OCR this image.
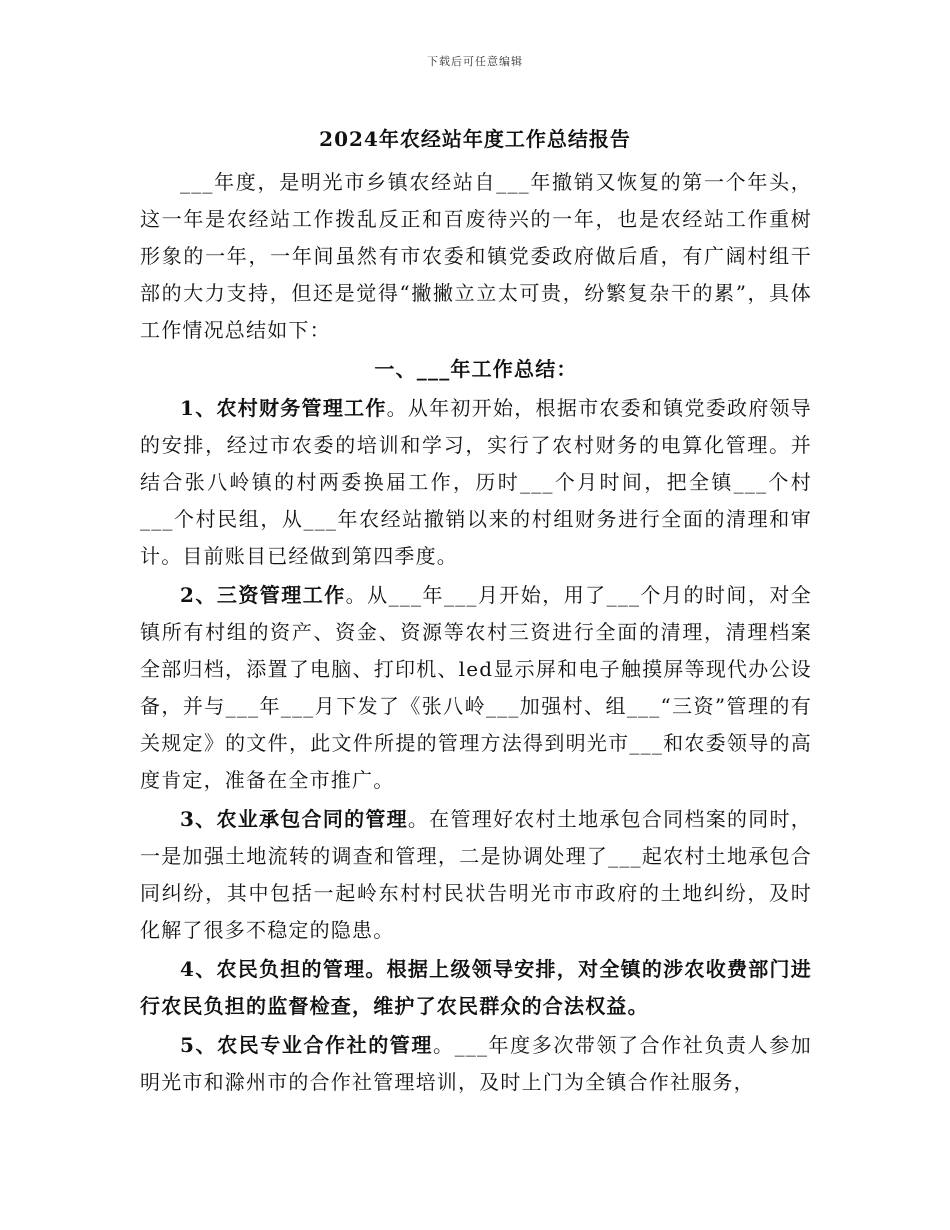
下载后可任意编辑
2024年农经站年度工作总结报告

___年度，是明光市乡镇农经站自___年撤销又恢复的第一个年头，这一年是农经站工作拨乱反正和百废待兴的一年，也是农经站工作重树形象的一年，一年间虽然有市农委和镇党委政府做后盾，有广阔村组干部的大力支持，但还是觉得“撇撇立立太可贵，纷繁复杂干的累”，具体工作情况总结如下：

一、___年工作总结：

1、农村财务管理工作。从年初开始，根据市农委和镇党委政府领导的安排，经过市农委的培训和学习，实行了农村财务的电算化管理。并结合张八岭镇的村两委换届工作，历时___个月时间，把全镇___个村___个村民组，从___年农经站撤销以来的村组财务进行全面的清理和审计。目前账目已经做到第四季度。

2、三资管理工作。从___年___月开始，用了___个月的时间，对全镇所有村组的资产、资金、资源等农村三资进行全面的清理，清理档案全部归档，添置了电脑、打印机、led显示屏和电子触摸屏等现代办公设备，并与___年___月下发了《张八岭___加强村、组___“三资”管理的有关规定》的文件，此文件所提的管理方法得到明光市___和农委领导的高度肯定，准备在全市推广。

3、农业承包合同的管理。在管理好农村土地承包合同档案的同时，一是加强土地流转的调查和管理，二是协调处理了___起农村土地承包合同纠纷，其中包括一起岭东村村民状告明光市市政府的土地纠纷，及时化解了很多不稳定的隐患。

4、农民负担的管理。根据上级领导安排，对全镇的涉农收费部门进行农民负担的监督检查，维护了农民群众的合法权益。

5、农民专业合作社的管理。___年度多次带领了合作社负责人参加明光市和滁州市的合作社管理培训，及时上门为全镇合作社服务，
